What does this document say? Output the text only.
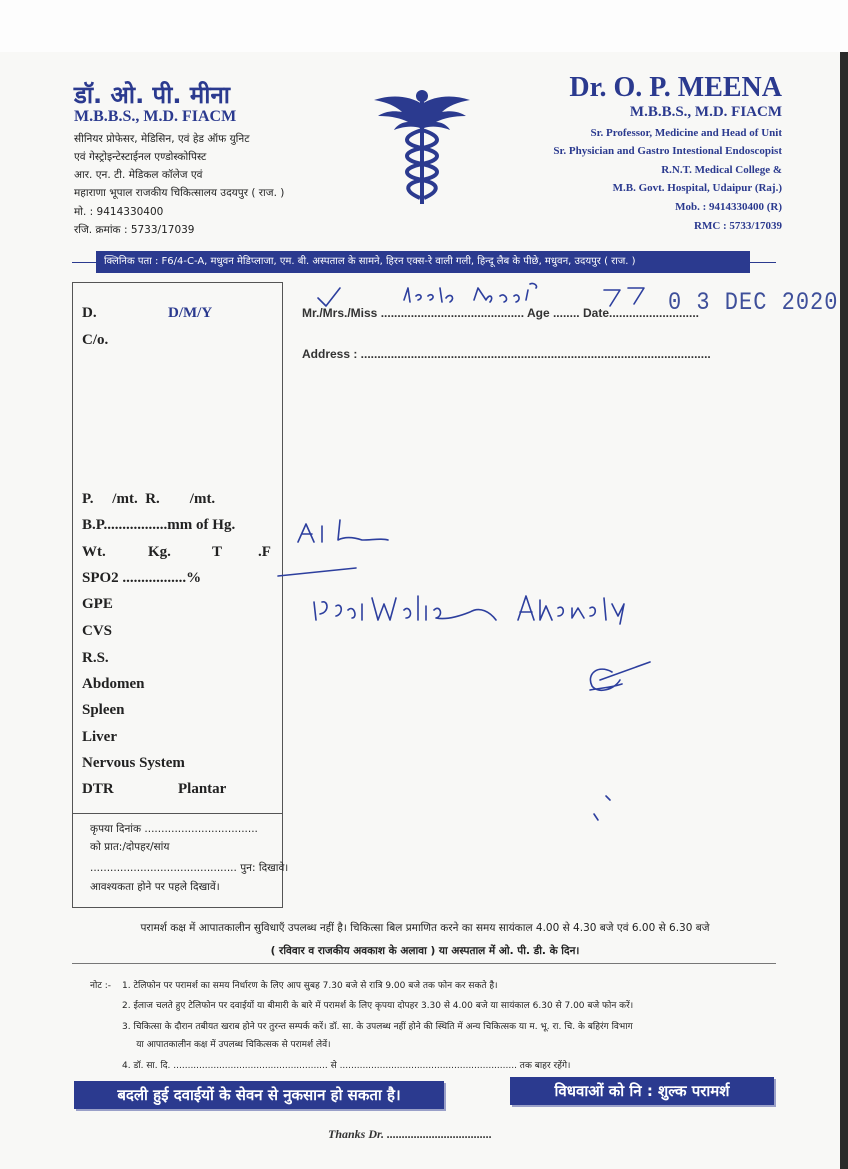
डॉ. ओ. पी. मीना
M.B.B.S., M.D. FIACM
सीनियर प्रोफेसर, मेडिसिन, एवं हेड ऑफ युनिट
एवं गेस्ट्रोइन्टेस्टाईनल एण्डोस्कोपिस्ट
आर. एन. टी. मेडिकल कॉलेज एवं
महाराणा भूपाल राजकीय चिकित्सालय उदयपुर ( राज. )
मो. : 9414330400
रजि. क्रमांक : 5733/17039
Dr. O. P. MEENA
M.B.B.S., M.D. FIACM
Sr. Professor, Medicine and Head of Unit
Sr. Physician and Gastro Intestional Endoscopist
R.N.T. Medical College &
M.B. Govt. Hospital, Udaipur (Raj.)
Mob. : 9414330400 (R)
RMC : 5733/17039
क्लिनिक पता : F6/4-C-A, मधुवन मेडिप्लाजा, एम. बी. अस्पताल के सामने, हिरन एक्स-रे वाली गली, हिन्दू लैब के पीछे, मधुवन, उदयपुर ( राज. )
D.	D/M/Y
C/o.
P.     /mt.  R.        /mt.
B.P.................mm of Hg.
Wt.	Kg.	T .F
SPO2 .................%
GPE
CVS
R.S.
Abdomen
Spleen
Liver
Nervous System
DTR	Plantar
कृपया दिनांक ..................................
को प्रात:/दोपहर/सांय
............................................ पुन: दिखावे।
आवश्यकता होने पर पहले दिखावें।
Mr./Mrs./Miss ........................................... Age ........ Date...........................
Address : .........................................................................................................
0 3 DEC 2020
परामर्श कक्ष में आपातकालीन सुविधाएँ उपलब्ध नहीं है। चिकित्सा बिल प्रमाणित करने का समय सायंकाल 4.00 से 4.30 बजे एवं 6.00 से 6.30 बजे
( रविवार व राजकीय अवकाश के अलावा ) या अस्पताल में ओ. पी. डी. के दिन।
नोट :- 1. टेलिफोन पर परामर्श का समय निर्धारण के लिए आप सुबह 7.30 बजे से रात्रि 9.00 बजे तक फोन कर सकते है।
2. ईलाज चलते हुए टेलिफोन पर दवाईयों या बीमारी के बारे में परामर्श के लिए कृपया दोपहर 3.30 से 4.00 बजे या सायंकाल 6.30 से 7.00 बजे फोन करें।
3. चिकित्सा के दौरान तबीयत खराब होने पर तुरन्त सम्पर्क करें। डॉ. सा. के उपलब्ध नहीं होने की स्थिति में अन्य चिकित्सक या म. भू. रा. चि. के बहिरंग विभाग
या आपातकालीन कक्ष में उपलब्ध चिकित्सक से परामर्श लेवें।
4. डॉ. सा. दि. ...................................................... से .............................................................. तक बाहर रहेंगे।
बदली हुई दवाईयों के सेवन से नुकसान हो सकता है।	विधवाओं को नि : शुल्क परामर्श
Thanks Dr. ...................................
